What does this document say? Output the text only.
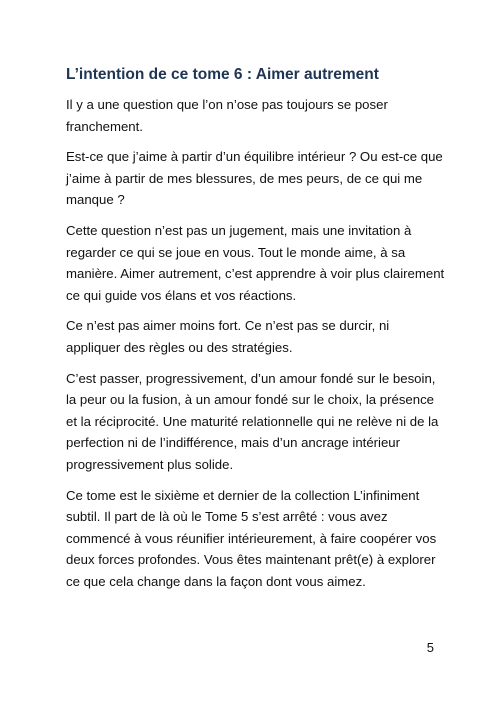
L’intention de ce tome 6 : Aimer autrement

Il y a une question que l’on n’ose pas toujours se poser franchement.

Est-ce que j’aime à partir d’un équilibre intérieur ? Ou est-ce que j’aime à partir de mes blessures, de mes peurs, de ce qui me manque ?

Cette question n’est pas un jugement, mais une invitation à regarder ce qui se joue en vous. Tout le monde aime, à sa manière. Aimer autrement, c’est apprendre à voir plus clairement ce qui guide vos élans et vos réactions.

Ce n’est pas aimer moins fort. Ce n’est pas se durcir, ni appliquer des règles ou des stratégies.

C’est passer, progressivement, d’un amour fondé sur le besoin, la peur ou la fusion, à un amour fondé sur le choix, la présence et la réciprocité. Une maturité relationnelle qui ne relève ni de la perfection ni de l’indifférence, mais d’un ancrage intérieur progressivement plus solide.

Ce tome est le sixième et dernier de la collection L’infiniment subtil. Il part de là où le Tome 5 s’est arrêté : vous avez commencé à vous réunifier intérieurement, à faire coopérer vos deux forces profondes. Vous êtes maintenant prêt(e) à explorer ce que cela change dans la façon dont vous aimez.

5
